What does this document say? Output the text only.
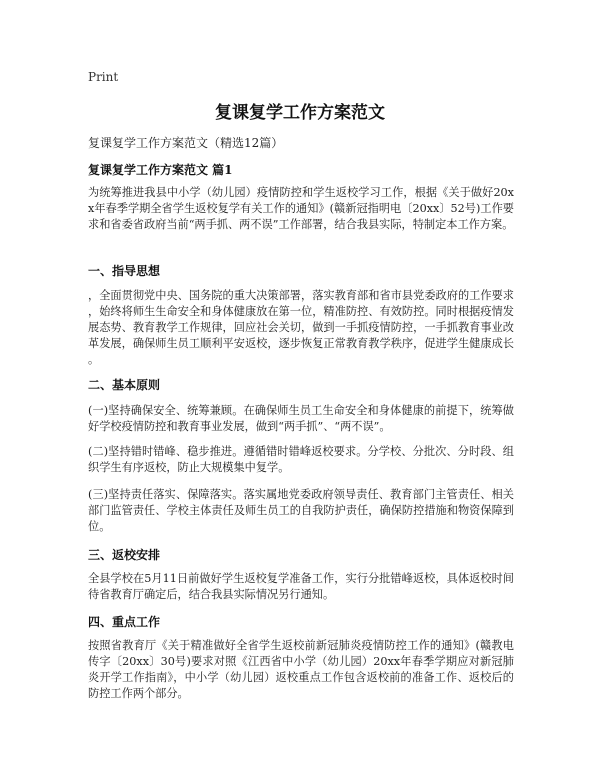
Print
复课复学工作方案范文
复课复学工作方案范文（精选12篇）
复课复学工作方案范文 篇1

为统筹推进我县中小学（幼儿园）疫情防控和学生返校学习工作，根据《关于做好20xx年春季学期全省学生返校复学有关工作的通知》(赣新冠指明电〔20xx〕52号)工作要求和省委省政府当前“两手抓、两不误”工作部署，结合我县实际，特制定本工作方案。

一、指导思想

，全面贯彻党中央、国务院的重大决策部署，落实教育部和省市县党委政府的工作要求，始终将师生生命安全和身体健康放在第一位，精准防控、有效防控。同时根据疫情发展态势、教育教学工作规律，回应社会关切，做到一手抓疫情防控，一手抓教育事业改革发展，确保师生员工顺利平安返校，逐步恢复正常教育教学秩序，促进学生健康成长。

二、基本原则

(一)坚持确保安全、统筹兼顾。在确保师生员工生命安全和身体健康的前提下，统筹做好学校疫情防控和教育事业发展，做到“两手抓”、“两不误”。

(二)坚持错时错峰、稳步推进。遵循错时错峰返校要求。分学校、分批次、分时段、组织学生有序返校，防止大规模集中复学。

(三)坚持责任落实、保障落实。落实属地党委政府领导责任、教育部门主管责任、相关部门监管责任、学校主体责任及师生员工的自我防护责任，确保防控措施和物资保障到位。

三、返校安排

全县学校在5月11日前做好学生返校复学准备工作，实行分批错峰返校，具体返校时间待省教育厅确定后，结合我县实际情况另行通知。

四、重点工作

按照省教育厅《关于精准做好全省学生返校前新冠肺炎疫情防控工作的通知》(赣教电传字〔20xx〕30号)要求对照《江西省中小学（幼儿园）20xx年春季学期应对新冠肺炎开学工作指南》，中小学（幼儿园）返校重点工作包含返校前的准备工作、返校后的防控工作两个部分。
